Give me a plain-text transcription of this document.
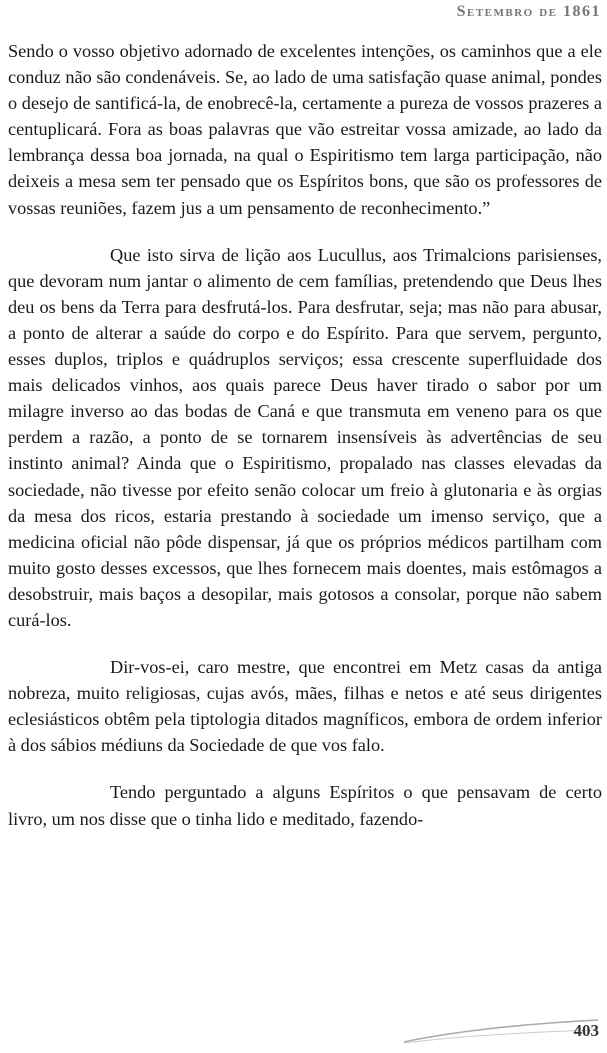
Setembro de 1861

Sendo o vosso objetivo adornado de excelentes intenções, os caminhos que a ele conduz não são condenáveis. Se, ao lado de uma satisfação quase animal, pondes o desejo de santificá-la, de enobrecê-la, certamente a pureza de vossos prazeres a centuplicará. Fora as boas palavras que vão estreitar vossa amizade, ao lado da lembrança dessa boa jornada, na qual o Espiritismo tem larga participação, não deixeis a mesa sem ter pensado que os Espíritos bons, que são os professores de vossas reuniões, fazem jus a um pensamento de reconhecimento.”

Que isto sirva de lição aos Lucullus, aos Trimalcions parisienses, que devoram num jantar o alimento de cem famílias, pretendendo que Deus lhes deu os bens da Terra para desfrutá-los. Para desfrutar, seja; mas não para abusar, a ponto de alterar a saúde do corpo e do Espírito. Para que servem, pergunto, esses duplos, triplos e quádruplos serviços; essa crescente superfluidade dos mais delicados vinhos, aos quais parece Deus haver tirado o sabor por um milagre inverso ao das bodas de Caná e que transmuta em veneno para os que perdem a razão, a ponto de se tornarem insensíveis às advertências de seu instinto animal? Ainda que o Espiritismo, propalado nas classes elevadas da sociedade, não tivesse por efeito senão colocar um freio à glutonaria e às orgias da mesa dos ricos, estaria prestando à sociedade um imenso serviço, que a medicina oficial não pôde dispensar, já que os próprios médicos partilham com muito gosto desses excessos, que lhes fornecem mais doentes, mais estômagos a desobstruir, mais baços a desopilar, mais gotosos a consolar, porque não sabem curá-los.

Dir-vos-ei, caro mestre, que encontrei em Metz casas da antiga nobreza, muito religiosas, cujas avós, mães, filhas e netos e até seus dirigentes eclesiásticos obtêm pela tiptologia ditados magníficos, embora de ordem inferior à dos sábios médiuns da Sociedade de que vos falo.

Tendo perguntado a alguns Espíritos o que pensavam de certo livro, um nos disse que o tinha lido e meditado, fazendo-

403
